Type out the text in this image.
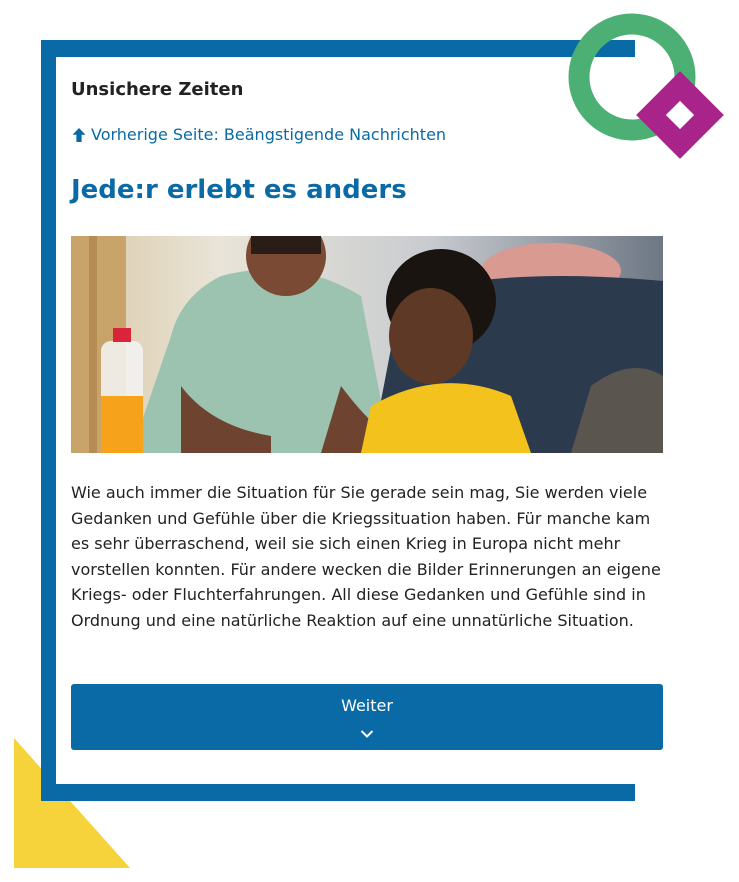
Unsichere Zeiten

Vorherige Seite: Beängstigende Nachrichten
Jede:r erlebt es anders

Wie auch immer die Situation für Sie gerade sein mag, Sie werden viele Gedanken und Gefühle über die Kriegssituation haben. Für manche kam es sehr überraschend, weil sie sich einen Krieg in Europa nicht mehr vorstellen konnten. Für andere wecken die Bilder Erinnerungen an eigene Kriegs- oder Fluchterfahrungen. All diese Gedanken und Gefühle sind in Ordnung und eine natürliche Reaktion auf eine unnatürliche Situation.

Weiter
